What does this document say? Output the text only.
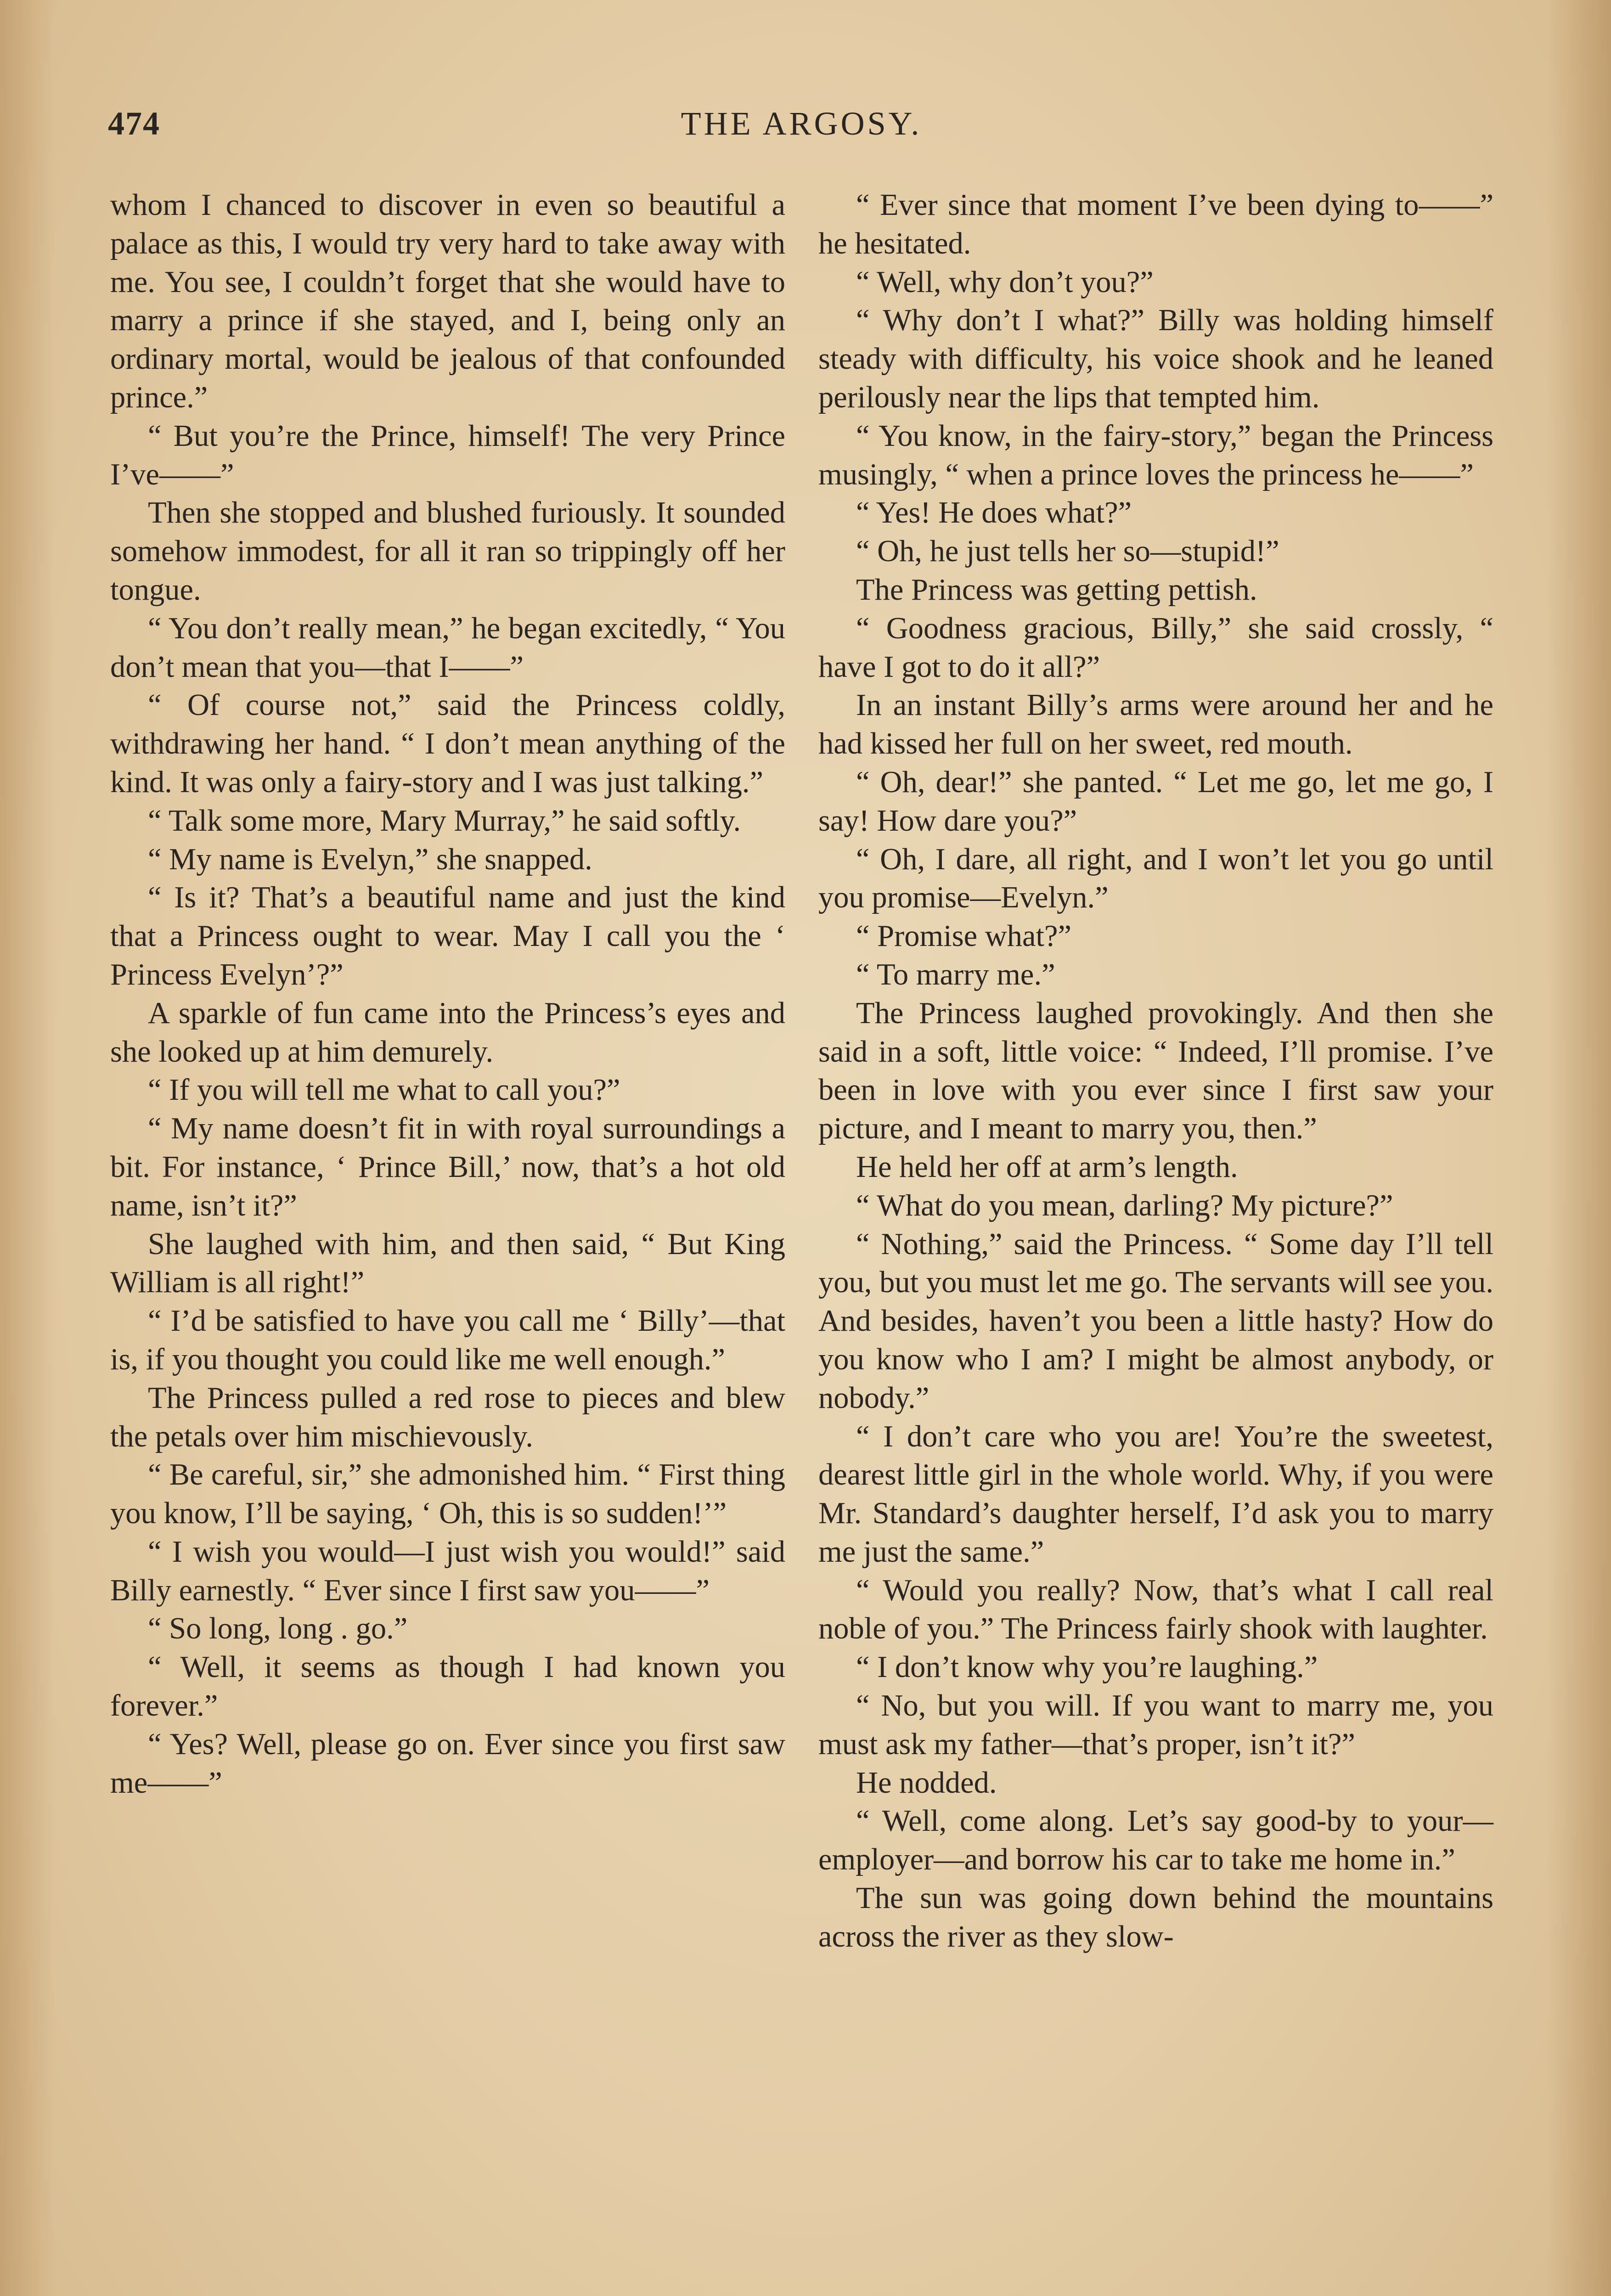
474	THE ARGOSY.

whom I chanced to discover in even so beautiful a palace as this, I would try very hard to take away with me. You see, I couldn’t forget that she would have to marry a prince if she stayed, and I, being only an ordinary mortal, would be jealous of that confounded prince.”

“ But you’re the Prince, himself! The very Prince I’ve——”

Then she stopped and blushed furiously. It sounded somehow immodest, for all it ran so trippingly off her tongue.

“ You don’t really mean,” he began excitedly, “ You don’t mean that you—that I——”

“ Of course not,” said the Princess coldly, withdrawing her hand. “ I don’t mean anything of the kind. It was only a fairy-story and I was just talking.”

“ Talk some more, Mary Murray,” he said softly.

“ My name is Evelyn,” she snapped.

“ Is it? That’s a beautiful name and just the kind that a Princess ought to wear. May I call you the ‘ Princess Evelyn’?”

A sparkle of fun came into the Princess’s eyes and she looked up at him demurely.

“ If you will tell me what to call you?”

“ My name doesn’t fit in with royal surroundings a bit. For instance, ‘ Prince Bill,’ now, that’s a hot old name, isn’t it?”

She laughed with him, and then said, “ But King William is all right!”

“ I’d be satisfied to have you call me ‘ Billy’—that is, if you thought you could like me well enough.”

The Princess pulled a red rose to pieces and blew the petals over him mischievously.

“ Be careful, sir,” she admonished him. “ First thing you know, I’ll be saying, ‘ Oh, this is so sudden!’”

“ I wish you would—I just wish you would!” said Billy earnestly. “ Ever since I first saw you——”

“ So long, long . go.”

“ Well, it seems as though I had known you forever.”

“ Yes? Well, please go on. Ever since you first saw me——”

“ Ever since that moment I’ve been dying to——” he hesitated.

“ Well, why don’t you?”

“ Why don’t I what?” Billy was holding himself steady with difficulty, his voice shook and he leaned perilously near the lips that tempted him.

“ You know, in the fairy-story,” began the Princess musingly, “ when a prince loves the princess he——”

“ Yes! He does what?”

“ Oh, he just tells her so—stupid!”

The Princess was getting pettish.

“ Goodness gracious, Billy,” she said crossly, “ have I got to do it all?”

In an instant Billy’s arms were around her and he had kissed her full on her sweet, red mouth.

“ Oh, dear!” she panted. “ Let me go, let me go, I say! How dare you?”

“ Oh, I dare, all right, and I won’t let you go until you promise—Evelyn.”

“ Promise what?”

“ To marry me.”

The Princess laughed provokingly. And then she said in a soft, little voice: “ Indeed, I’ll promise. I’ve been in love with you ever since I first saw your picture, and I meant to marry you, then.”

He held her off at arm’s length.

“ What do you mean, darling? My picture?”

“ Nothing,” said the Princess. “ Some day I’ll tell you, but you must let me go. The servants will see you. And besides, haven’t you been a little hasty? How do you know who I am? I might be almost anybody, or nobody.”

“ I don’t care who you are! You’re the sweetest, dearest little girl in the whole world. Why, if you were Mr. Standard’s daughter herself, I’d ask you to marry me just the same.”

“ Would you really? Now, that’s what I call real noble of you.” The Princess fairly shook with laughter.

“ I don’t know why you’re laughing.”

“ No, but you will. If you want to marry me, you must ask my father—that’s proper, isn’t it?”

He nodded.

“ Well, come along. Let’s say good-by to your—employer—and borrow his car to take me home in.”

The sun was going down behind the mountains across the river as they slow-
